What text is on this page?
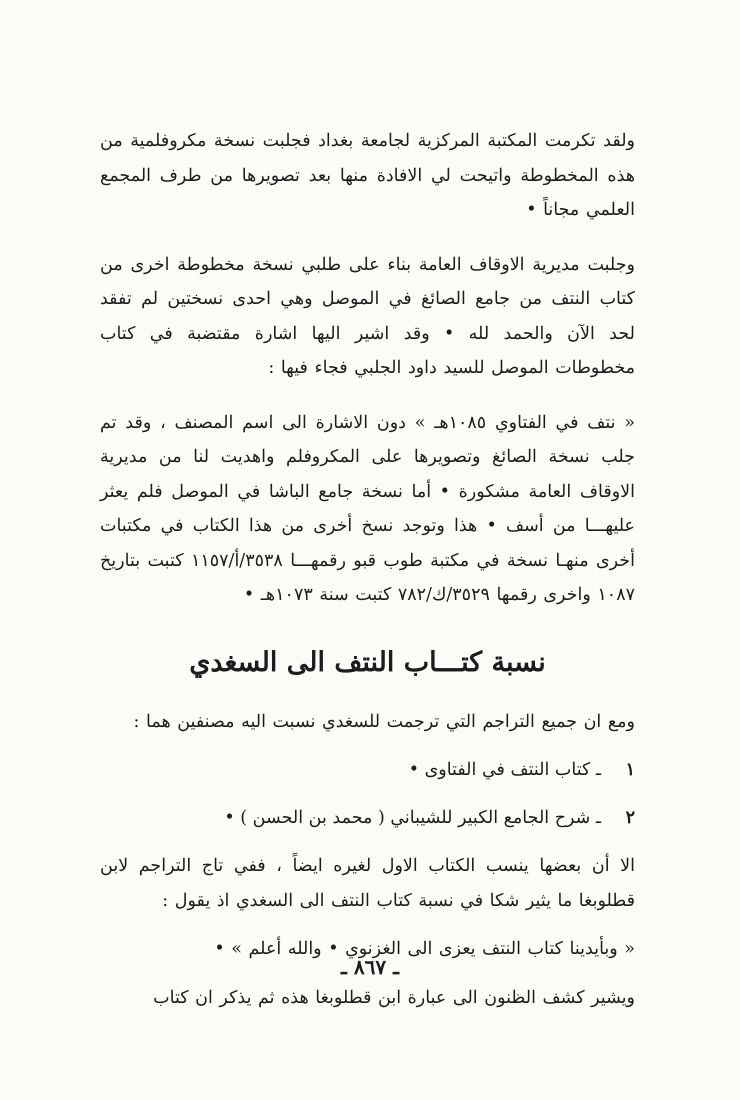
ولقد تكرمت المكتبة المركزية لجامعة بغداد فجلبت نسخة مكروفلمية من هذه المخطوطة واتيحت لي الافادة منها بعد تصويرها من طرف المجمع العلمي مجاناً •

وجلبت مديرية الاوقاف العامة بناء على طلبي نسخة مخطوطة اخرى من كتاب النتف من جامع الصائغ في الموصل وهي احدى نسختين لم تفقد لحد الآن والحمد لله • وقد اشير اليها اشارة مقتضبة في كتاب مخطوطات الموصل للسيد داود الجلبي فجاء فيها :

« نتف في الفتاوي ١٠٨٥هـ » دون الاشارة الى اسم المصنف ، وقد تم جلب نسخة الصائغ وتصويرها على المكروفلم واهديت لنا من مديرية الاوقاف العامة مشكورة • أما نسخة جامع الباشا في الموصل فلم يعثر عليهـــا من أسف • هذا وتوجد نسخ أخرى من هذا الكتاب في مكتبات أخرى منهـا نسخة في مكتبة طوب قبو رقمهـــا ٣٥٣٨/أ/١١٥٧ كتبت بتاريخ ١٠٨٧ واخرى رقمها ٣٥٢٩/ك/٧٨٢ كتبت سنة ١٠٧٣هـ •

نسبة كتـــاب النتف الى السغدي

ومع ان جميع التراجم التي ترجمت للسغدي نسبت اليه مصنفين هما :

١
ـ كتاب النتف في الفتاوى •
٢
ـ شرح الجامع الكبير للشيباني ( محمد بن الحسن ) •

الا أن بعضها ينسب الكتاب الاول لغيره ايضاً ، ففي تاج التراجم لابن قطلوبغا ما يثير شكا في نسبة كتاب النتف الى السغدي اذ يقول :

« وبأيدينا كتاب النتف يعزى الى الغزنوي • والله أعلم » •

ويشير كشف الظنون الى عبارة ابن قطلوبغا هذه ثم يذكر ان كتاب

ـ ٨٦٧ ـ
